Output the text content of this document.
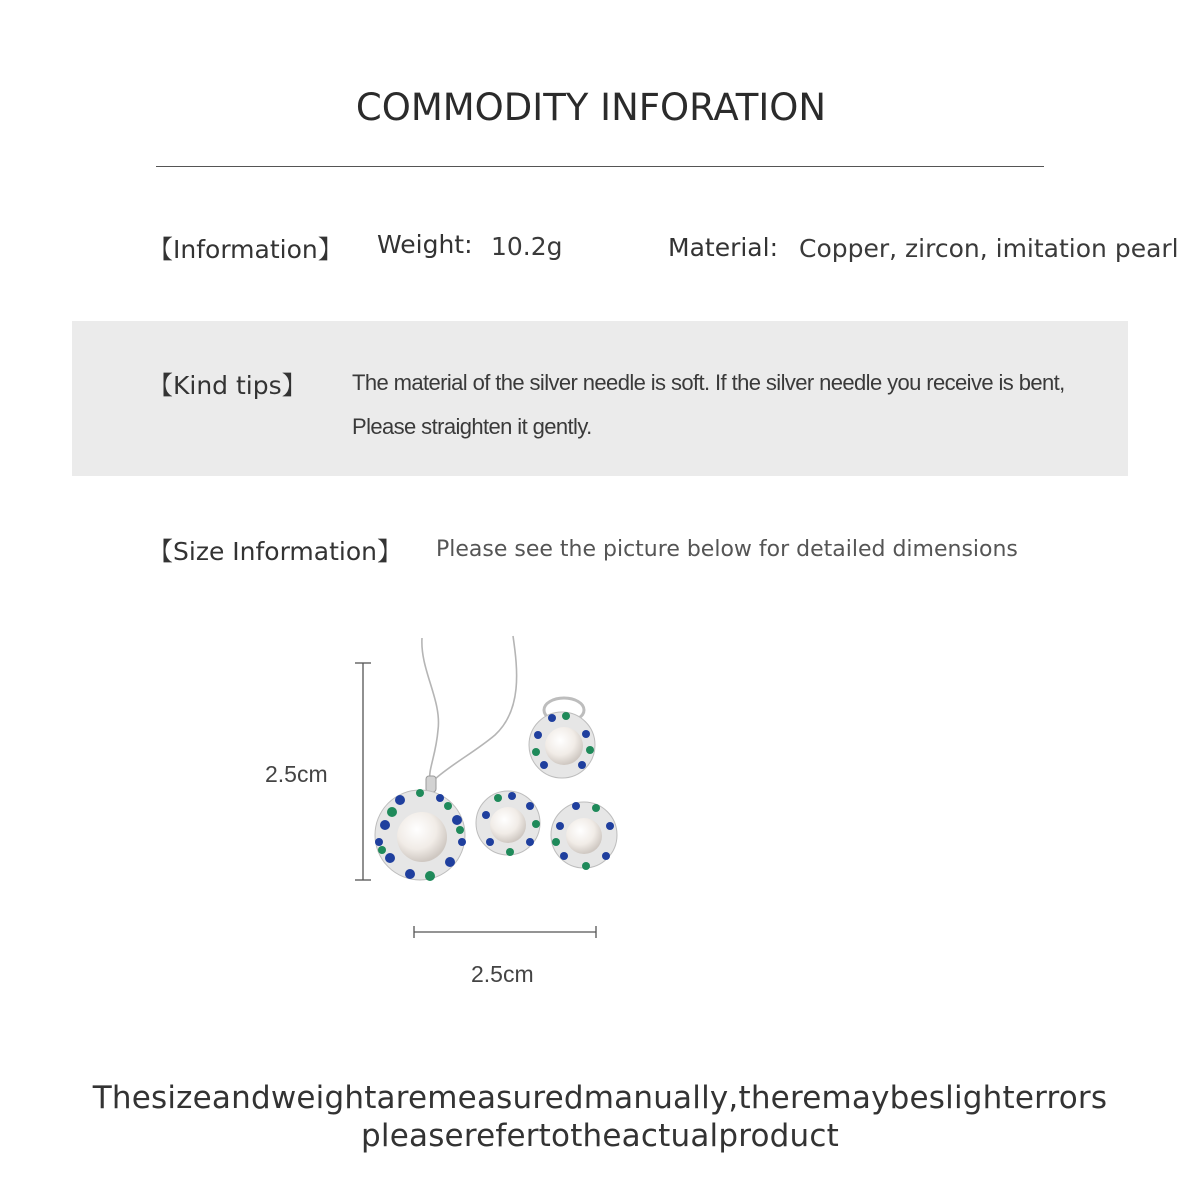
COMMODITY INFORATION
【Information】 Weight: 10.2g	Material: Copper, zircon, imitation pearl
【Kind tips】 The material of the silver needle is soft. If the silver needle you receive is bent,
Please straighten it gently.
【Size Information】 Please see the picture below for detailed dimensions
2.5cm
2.5cm
Thesizeandweightaremeasuredmanually,theremaybeslighterrors
pleaserefertotheactualproduct
